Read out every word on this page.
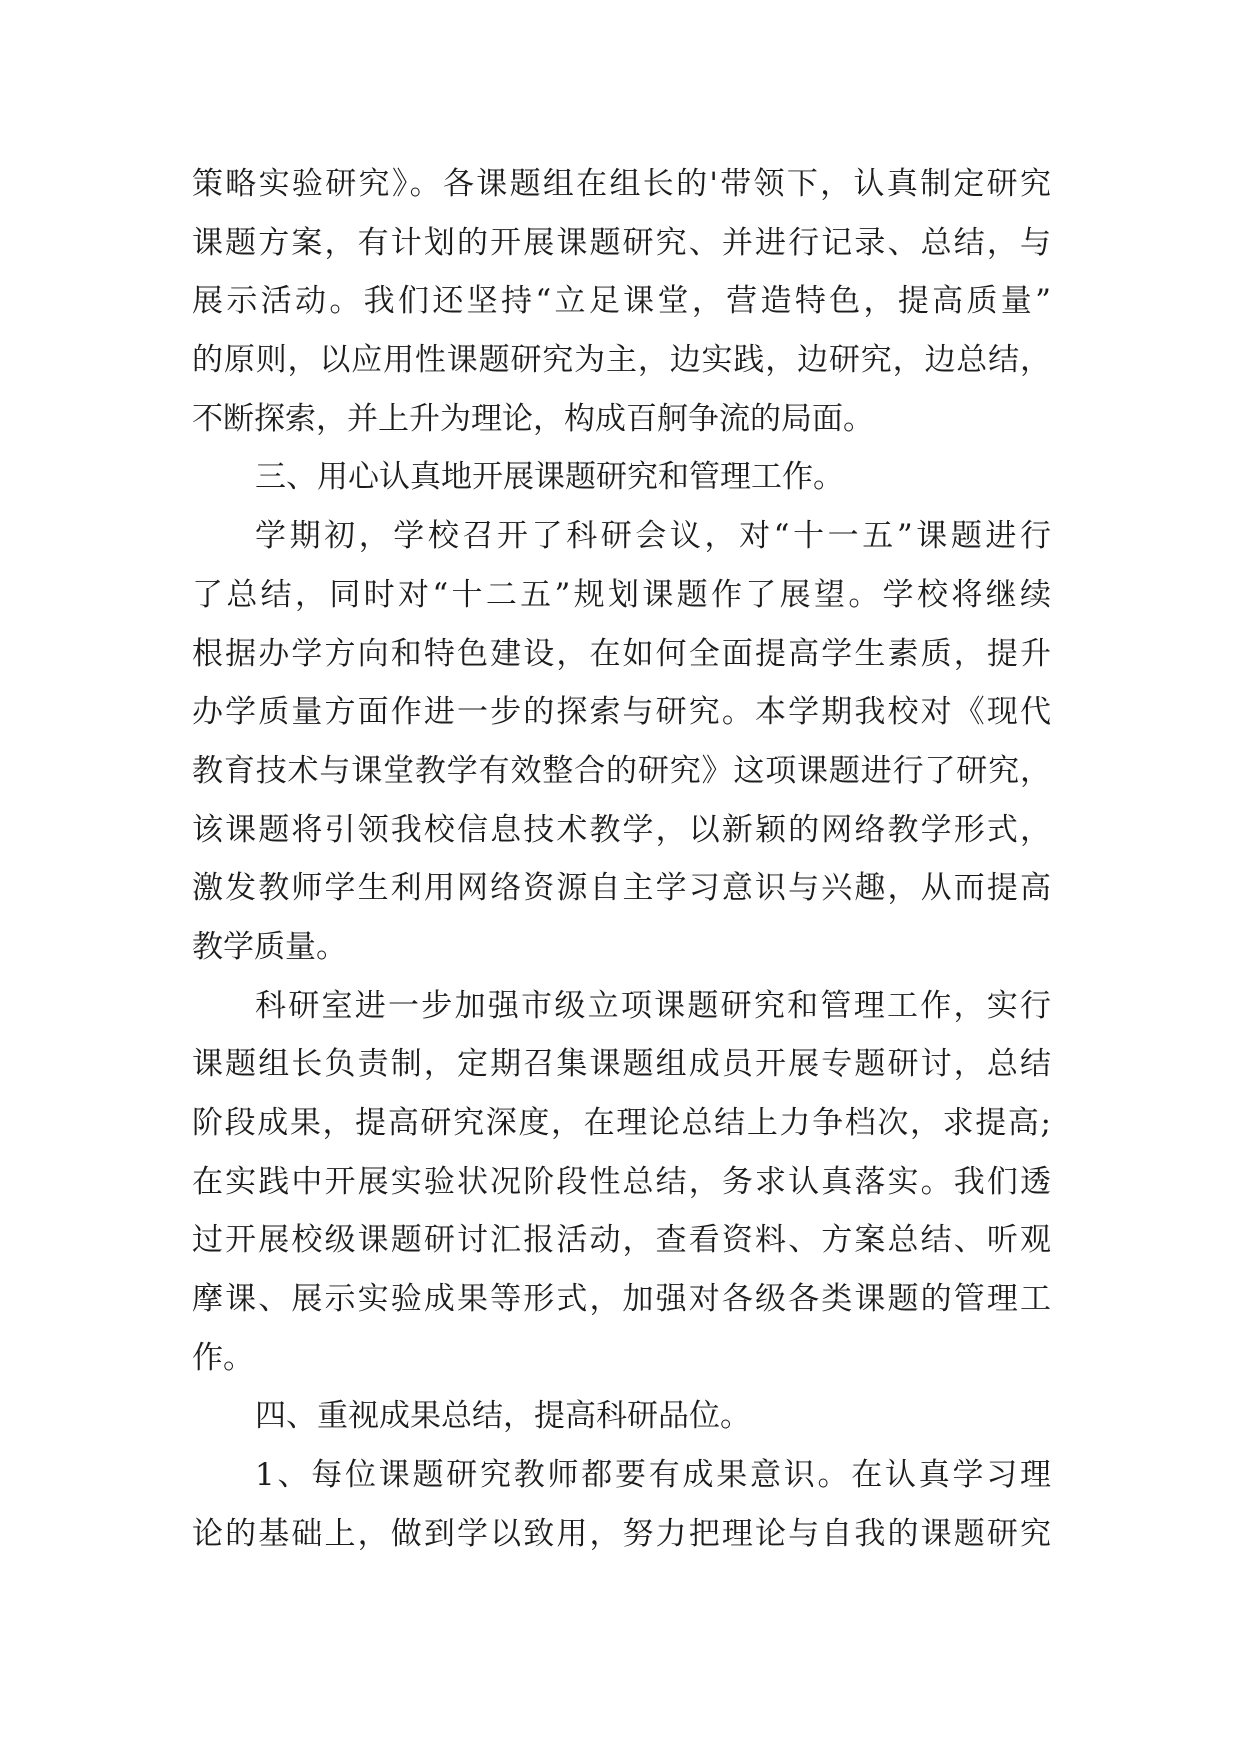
策略实验研究》。各课题组在组长的'带领下，认真制定研究
课题方案，有计划的开展课题研究、并进行记录、总结，与
展示活动。我们还坚持“立足课堂，营造特色，提高质量”
的原则，以应用性课题研究为主，边实践，边研究，边总结，
不断探索，并上升为理论，构成百舸争流的局面。
三、用心认真地开展课题研究和管理工作。
学期初，学校召开了科研会议，对“十一五”课题进行
了总结，同时对“十二五”规划课题作了展望。学校将继续
根据办学方向和特色建设，在如何全面提高学生素质，提升
办学质量方面作进一步的探索与研究。本学期我校对《现代
教育技术与课堂教学有效整合的研究》这项课题进行了研究，
该课题将引领我校信息技术教学，以新颖的网络教学形式，
激发教师学生利用网络资源自主学习意识与兴趣，从而提高
教学质量。
科研室进一步加强市级立项课题研究和管理工作，实行
课题组长负责制，定期召集课题组成员开展专题研讨，总结
阶段成果，提高研究深度，在理论总结上力争档次，求提高;
在实践中开展实验状况阶段性总结，务求认真落实。我们透
过开展校级课题研讨汇报活动，查看资料、方案总结、听观
摩课、展示实验成果等形式，加强对各级各类课题的管理工
作。
四、重视成果总结，提高科研品位。
1、每位课题研究教师都要有成果意识。在认真学习理
论的基础上，做到学以致用，努力把理论与自我的课题研究
